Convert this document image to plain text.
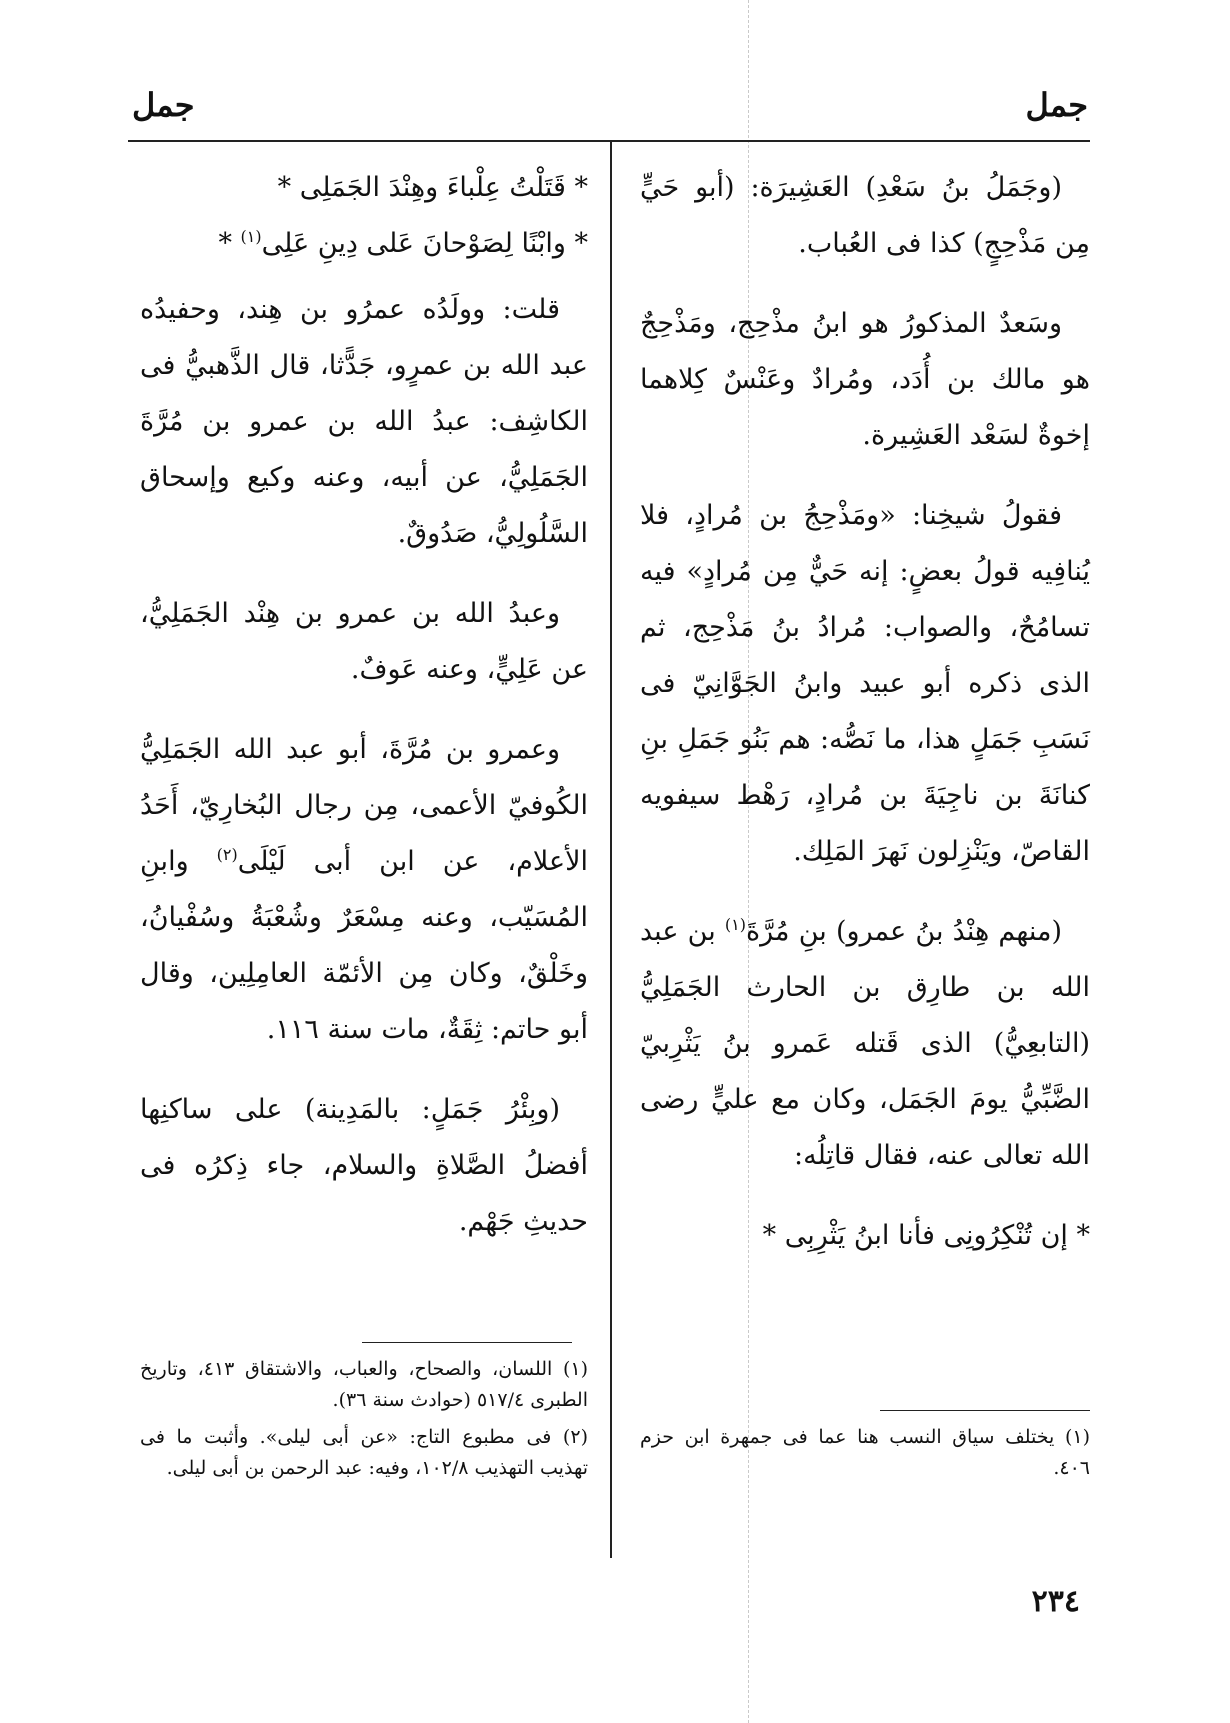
جمل
جمل

(وجَمَلُ بنُ سَعْدِ) العَشِيرَة: (أبو حَيٍّ مِن مَذْحِجٍ) كذا فى العُباب.

وسَعدٌ المذكورُ هو ابنُ مذْحِج، ومَذْحِجٌ هو مالك بن أُدَد، ومُرادٌ وعَنْسٌ كِلاهما إخوةٌ لسَعْد العَشِيرة.

فقولُ شيخِنا: «ومَذْحِجُ بن مُرادٍ، فلا يُنافِيه قولُ بعضٍ: إنه حَيٌّ مِن مُرادٍ» فيه تسامُحٌ، والصواب: مُرادُ بنُ مَذْحِج، ثم الذى ذكره أبو عبيد وابنُ الجَوَّانِيّ فى نَسَبِ جَمَلٍ هذا، ما نَصُّه: هم بَنُو جَمَلِ بنِ كنانَةَ بن ناجِيَةَ بن مُرادٍ، رَهْط سيفويه القاصّ، ويَنْزِلون نَهرَ المَلِك.

(منهم هِنْدُ بنُ عمرو) بنِ مُرَّةَ$^{(١)}$ بن عبد الله بن طارِق بن الحارث الجَمَلِيُّ (التابعِيُّ) الذى قَتله عَمرو بنُ يَثْرِبيّ الضَّبِّيُّ يومَ الجَمَل، وكان مع عليٍّ رضى الله تعالى عنه، فقال قاتِلُه:

* إن تُنْكِرُونِى فأنا ابنُ يَثْرِبِى *

(١) يختلف سياق النسب هنا عما فى جمهرة ابن حزم ٤٠٦.

* قَتَلْتُ عِلْباءَ وهِنْدَ الجَمَلِى *

* وابْنًا لِصَوْحانَ عَلى دِينِ عَلِى$^{(١)}$ *

قلت: وولَدُه عمرُو بن هِند، وحفيدُه عبد الله بن عمرٍو، جَدًّثا، قال الذَّهبيُّ فى الكاشِف: عبدُ الله بن عمرو بن مُرَّةَ الجَمَلِيُّ، عن أبيه، وعنه وكيع وإسحاق السَّلُولِيُّ، صَدُوقٌ.

وعبدُ الله بن عمرو بن هِنْد الجَمَلِيُّ، عن عَلِيٍّ، وعنه عَوفٌ.

وعمرو بن مُرَّةَ، أبو عبد الله الجَمَلِيُّ الكُوفيّ الأعمى، مِن رجال البُخارِيّ، أَحَدُ الأعلام، عن ابن أبى لَيْلَى$^{(٢)}$ وابنِ المُسَيّب، وعنه مِسْعَرٌ وشُعْبَةُ وسُفْيانُ، وخَلْقٌ، وكان مِن الأئمّة العامِلِين، وقال أبو حاتم: ثِقَةٌ، مات سنة ١١٦.

(وبِئْرُ جَمَلٍ: بالمَدِينة) على ساكنِها أفضلُ الصَّلاةِ والسلام، جاء ذِكرُه فى حديثِ جَهْم.

(١) اللسان، والصحاح، والعباب، والاشتقاق ٤١٣، وتاريخ الطبرى ٥١٧/٤ (حوادث سنة ٣٦).

(٢) فى مطبوع التاج: «عن أبى ليلى». وأثبت ما فى تهذيب التهذيب ١٠٢/٨، وفيه: عبد الرحمن بن أبى ليلى.

٢٣٤
